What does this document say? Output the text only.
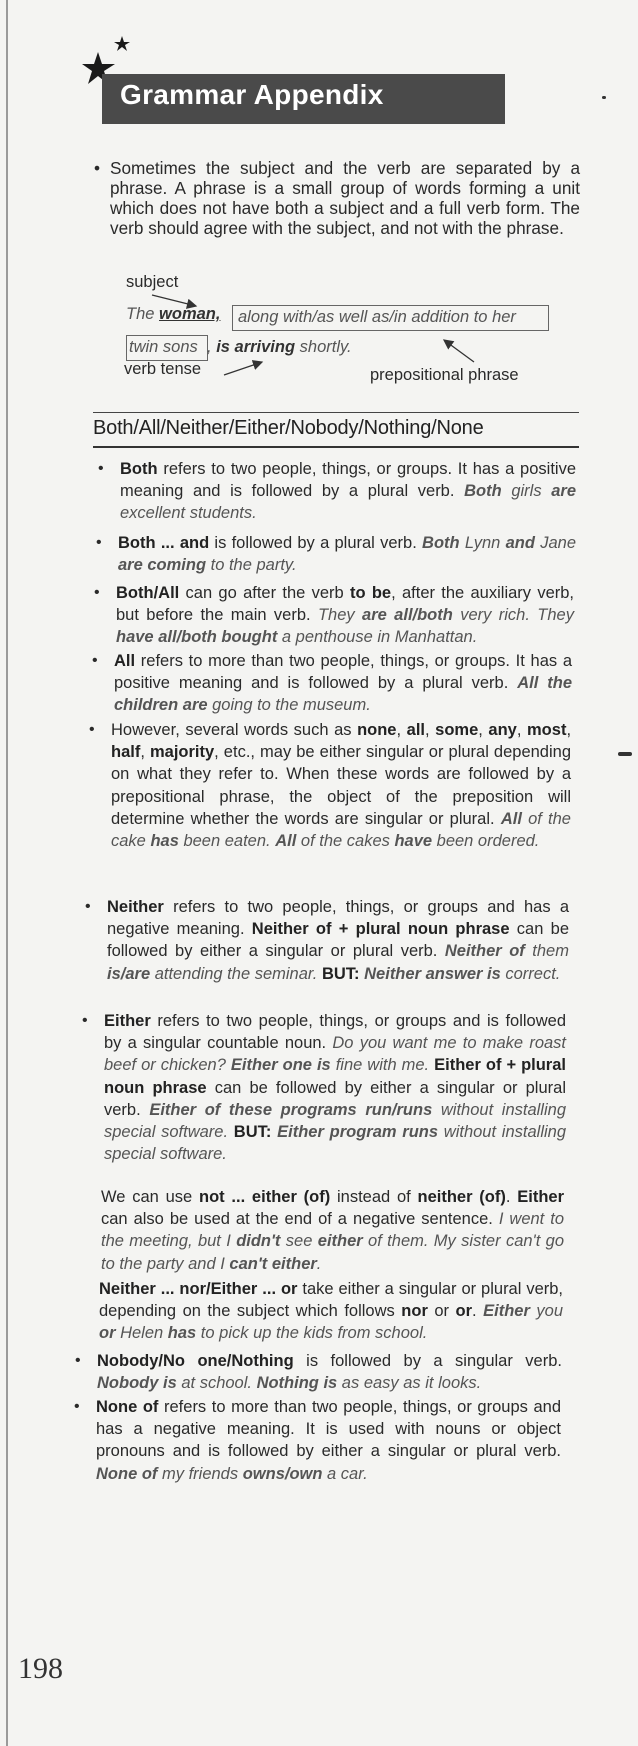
Grammar Appendix
• Sometimes the subject and the verb are separated by a phrase. A phrase is a small group of words forming a unit which does not have both a subject and a full verb form. The verb should agree with the subject, and not with the phrase.
subject
The woman, along with/as well as/in addition to her
twin sons , is arriving shortly.
verb tense	prepositional phrase
Both/All/Neither/Either/Nobody/Nothing/None
• Both refers to two people, things, or groups. It has a positive meaning and is followed by a plural verb. Both girls are excellent students.
• Both ... and is followed by a plural verb. Both Lynn and Jane are coming to the party.
• Both/All can go after the verb to be, after the auxiliary verb, but before the main verb. They are all/both very rich. They have all/both bought a penthouse in Manhattan.
• All refers to more than two people, things, or groups. It has a positive meaning and is followed by a plural verb. All the children are going to the museum.
• However, several words such as none, all, some, any, most, half, majority, etc., may be either singular or plural depending on what they refer to. When these words are followed by a prepositional phrase, the object of the preposition will determine whether the words are singular or plural. All of the cake has been eaten. All of the cakes have been ordered.
• Neither refers to two people, things, or groups and has a negative meaning. Neither of + plural noun phrase can be followed by either a singular or plural verb. Neither of them is/are attending the seminar. BUT: Neither answer is correct.
• Either refers to two people, things, or groups and is followed by a singular countable noun. Do you want me to make roast beef or chicken? Either one is fine with me. Either of + plural noun phrase can be followed by either a singular or plural verb. Either of these programs run/runs without installing special software. BUT: Either program runs without installing special software.
We can use not ... either (of) instead of neither (of). Either can also be used at the end of a negative sentence. I went to the meeting, but I didn't see either of them. My sister can't go to the party and I can't either.
Neither ... nor/Either ... or take either a singular or plural verb, depending on the subject which follows nor or or. Either you or Helen has to pick up the kids from school.
• Nobody/No one/Nothing is followed by a singular verb. Nobody is at school. Nothing is as easy as it looks.
• None of refers to more than two people, things, or groups and has a negative meaning. It is used with nouns or object pronouns and is followed by either a singular or plural verb. None of my friends owns/own a car.
198
